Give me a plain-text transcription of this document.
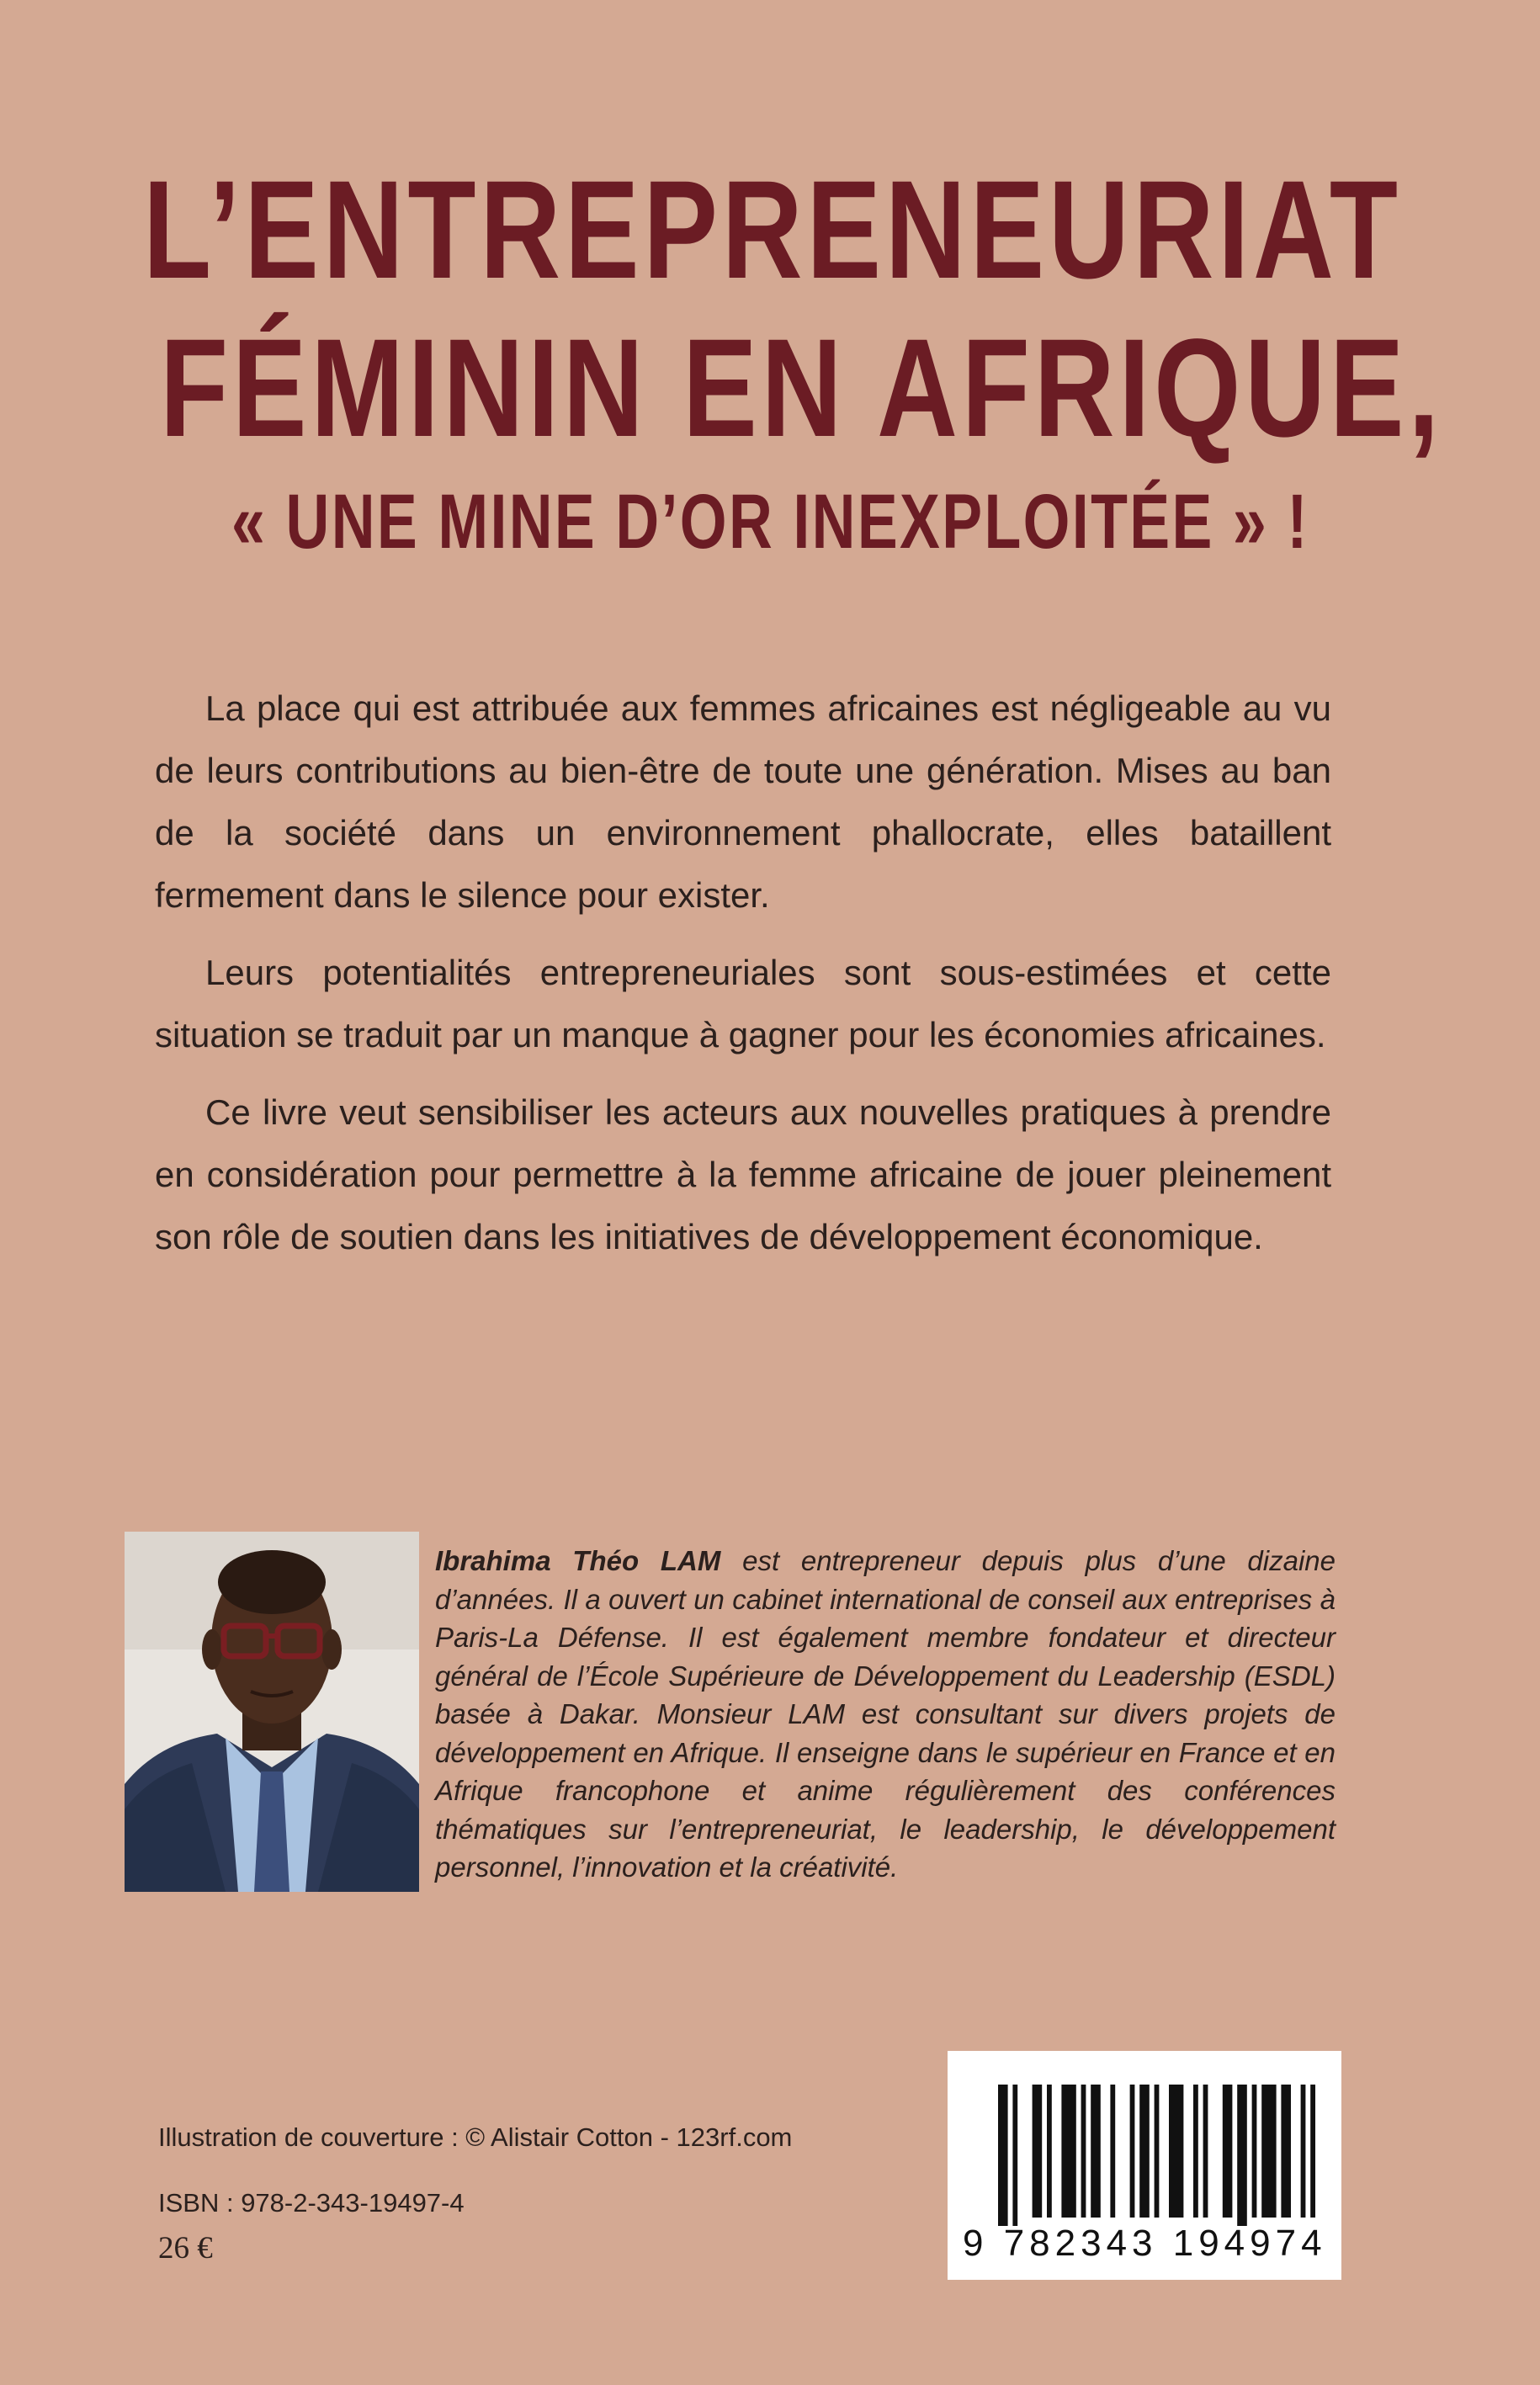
L’ENTREPRENEURIAT
FÉMININ EN AFRIQUE,
« UNE MINE D’OR INEXPLOITÉE » !

La place qui est attribuée aux femmes africaines est négligeable au vu de leurs contributions au bien-être de toute une génération. Mises au ban de la société dans un environnement phallocrate, elles bataillent fermement dans le silence pour exister.

Leurs potentialités entrepreneuriales sont sous-estimées et cette situation se traduit par un manque à gagner pour les économies africaines.

Ce livre veut sensibiliser les acteurs aux nouvelles pratiques à prendre en considération pour permettre à la femme africaine de jouer pleinement son rôle de soutien dans les initiatives de développement économique.

Ibrahima Théo LAM est entrepreneur depuis plus d’une dizaine d’années. Il a ouvert un cabinet international de conseil aux entreprises à Paris-La Défense. Il est également membre fondateur et directeur général de l’École Supérieure de Développement du Leadership (ESDL) basée à Dakar. Monsieur LAM est consultant sur divers projets de développement en Afrique. Il enseigne dans le supérieur en France et en Afrique francophone et anime régulièrement des conférences thématiques sur l’entrepreneuriat, le leadership, le développement personnel, l’innovation et la créativité.
Illustration de couverture : © Alistair Cotton - 123rf.com
ISBN : 978-2-343-19497-4
26 €	9 782343 194974
